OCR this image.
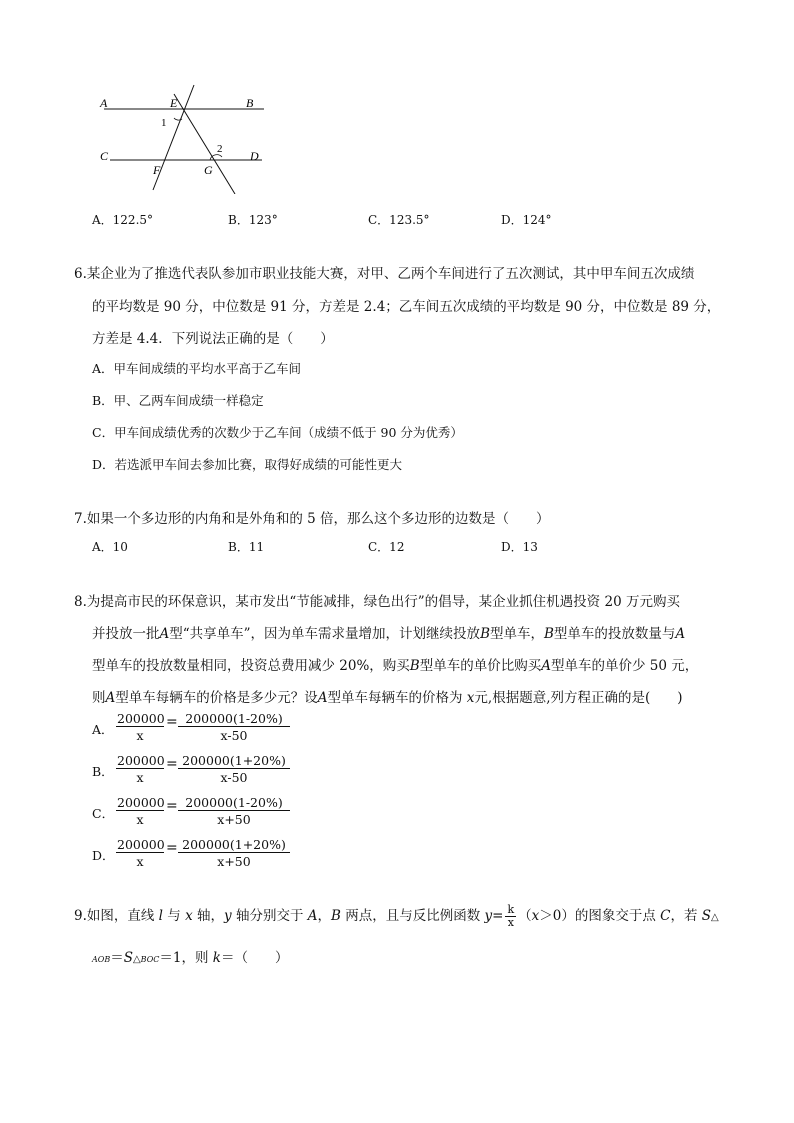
A	E	B
1
2
C	D
F	G
A．122.5°	B．123°	C．123.5°	D．124°
6.某企业为了推选代表队参加市职业技能大赛，对甲、乙两个车间进行了五次测试，其中甲车间五次成绩
的平均数是 90 分，中位数是 91 分，方差是 2.4；乙车间五次成绩的平均数是 90 分，中位数是 89 分，
方差是 4.4．下列说法正确的是（　　）
A．甲车间成绩的平均水平高于乙车间
B．甲、乙两车间成绩一样稳定
C．甲车间成绩优秀的次数少于乙车间（成绩不低于 90 分为优秀）
D．若选派甲车间去参加比赛，取得好成绩的可能性更大
7.如果一个多边形的内角和是外角和的 5 倍，那么这个多边形的边数是（　　）
A．10	B．11	C．12	D．13
8.为提高市民的环保意识，某市发出“节能减排，绿色出行”的倡导，某企业抓住机遇投资 20 万元购买
并投放一批A型“共享单车”，因为单车需求量增加，计划继续投放B型单车，B型单车的投放数量与A
型单车的投放数量相同，投资总费用减少 20%，购买B型单车的单价比购买A型单车的单价少 50 元，
则A型单车每辆车的价格是多少元？设A型单车每辆车的价格为 x元,根据题意,列方程正确的是(　　)
A． $\frac{200000}{x} = \frac{200000(1-20\%)}{x-50}$
B． $\frac{200000}{x} = \frac{200000(1+20\%)}{x-50}$
C． $\frac{200000}{x} = \frac{200000(1-20\%)}{x+50}$
D． $\frac{200000}{x} = \frac{200000(1+20\%)}{x+50}$
9.如图，直线 l 与 x 轴，y 轴分别交于 A，B 两点，且与反比例函数 $y= \frac{k}{x} (x>0)$的图象交于点 C，若 S△
AOB＝S△BOC＝1，则 k＝（　　）
